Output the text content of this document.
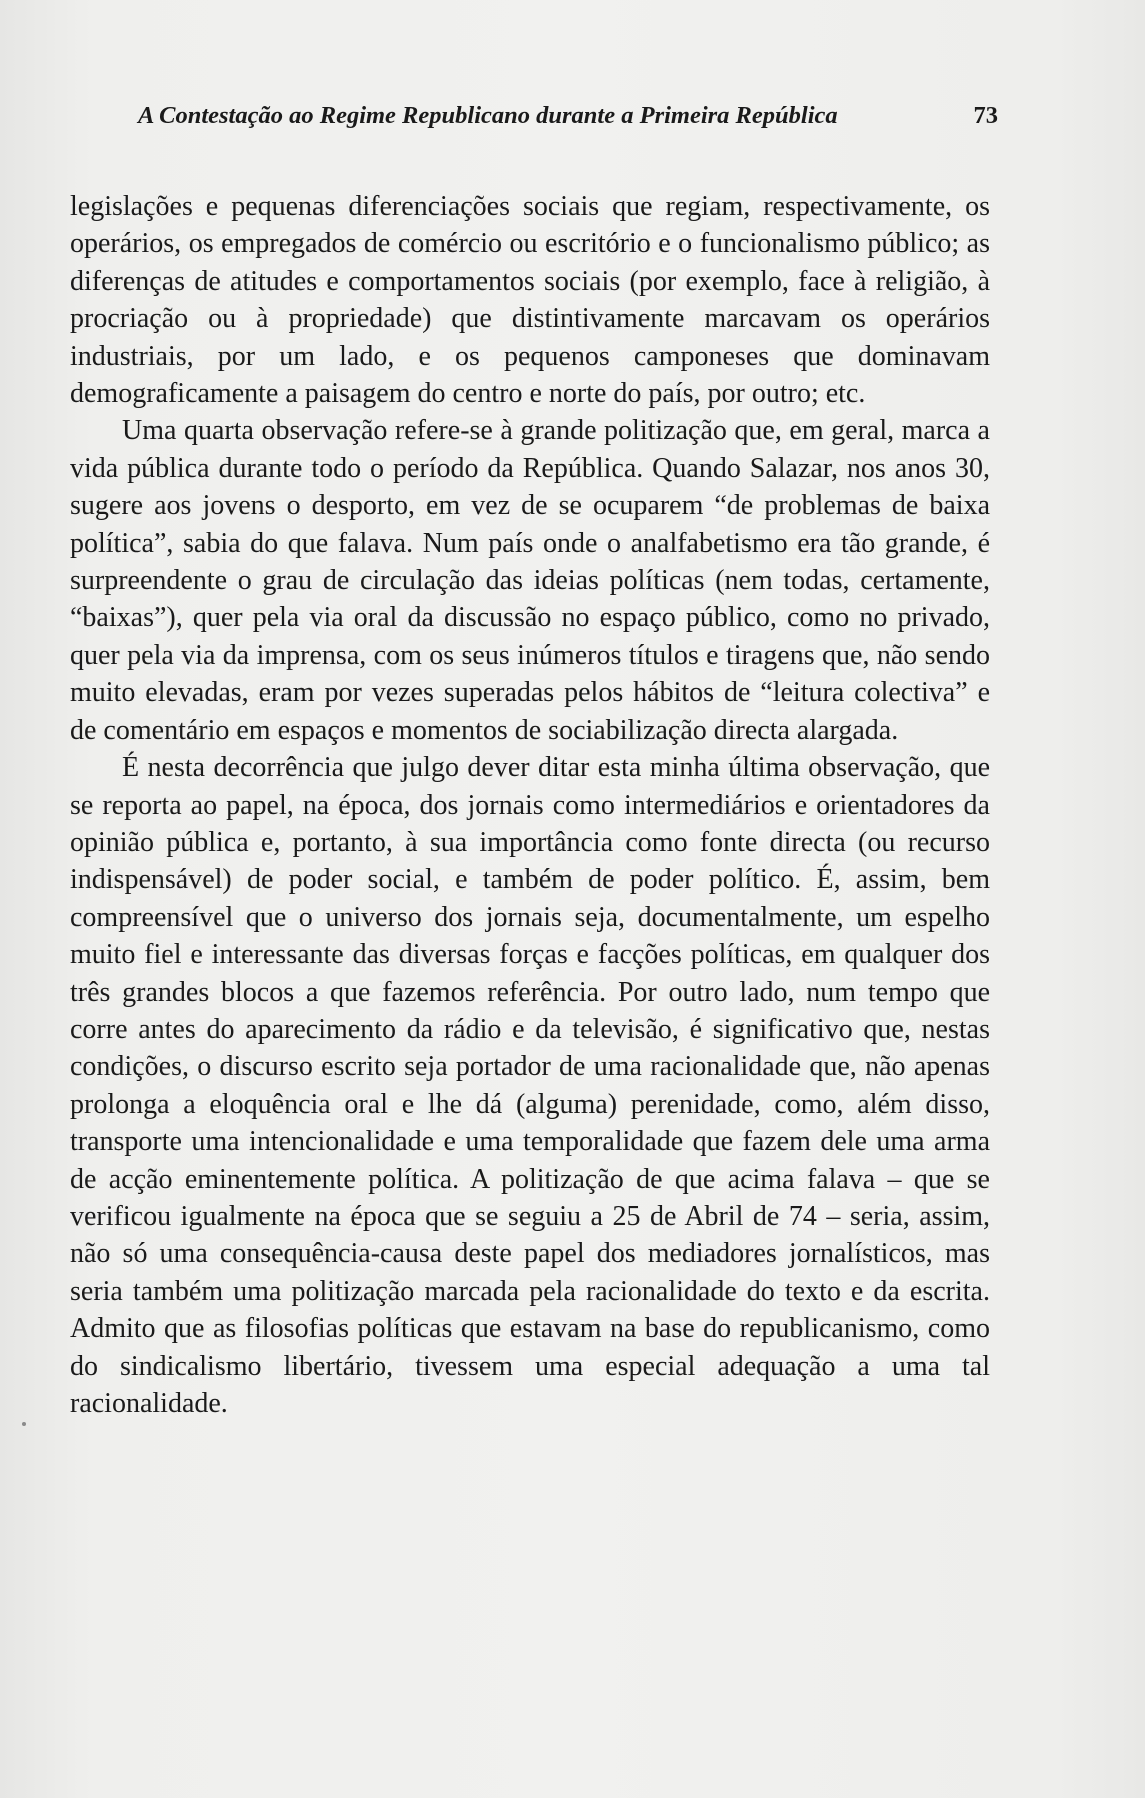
A Contestação ao Regime Republicano durante a Primeira República	73

legislações e pequenas diferenciações sociais que regiam, respectivamente, os operários, os empregados de comércio ou escritório e o funcionalismo público; as diferenças de atitudes e comportamentos sociais (por exemplo, face à religião, à procriação ou à propriedade) que distintivamente marcavam os operários industriais, por um lado, e os pequenos camponeses que dominavam demograficamente a paisagem do centro e norte do país, por outro; etc.

Uma quarta observação refere-se à grande politização que, em geral, marca a vida pública durante todo o período da República. Quando Salazar, nos anos 30, sugere aos jovens o desporto, em vez de se ocuparem “de problemas de baixa política”, sabia do que falava. Num país onde o analfabetismo era tão grande, é surpreendente o grau de circulação das ideias políticas (nem todas, certamente, “baixas”), quer pela via oral da discussão no espaço público, como no privado, quer pela via da imprensa, com os seus inúmeros títulos e tiragens que, não sendo muito elevadas, eram por vezes superadas pelos hábitos de “leitura colectiva” e de comentário em espaços e momentos de sociabilização directa alargada.

É nesta decorrência que julgo dever ditar esta minha última observação, que se reporta ao papel, na época, dos jornais como intermediários e orientadores da opinião pública e, portanto, à sua importância como fonte directa (ou recurso indispensável) de poder social, e também de poder político. É, assim, bem compreensível que o universo dos jornais seja, documentalmente, um espelho muito fiel e interessante das diversas forças e facções políticas, em qualquer dos três grandes blocos a que fazemos referência. Por outro lado, num tempo que corre antes do aparecimento da rádio e da televisão, é significativo que, nestas condições, o discurso escrito seja portador de uma racionalidade que, não apenas prolonga a eloquência oral e lhe dá (alguma) perenidade, como, além disso, transporte uma intencionalidade e uma temporalidade que fazem dele uma arma de acção eminentemente política. A politização de que acima falava – que se verificou igualmente na época que se seguiu a 25 de Abril de 74 – seria, assim, não só uma consequência-causa deste papel dos mediadores jornalísticos, mas seria também uma politização marcada pela racionalidade do texto e da escrita. Admito que as filosofias políticas que estavam na base do republicanismo, como do sindicalismo libertário, tivessem uma especial adequação a uma tal racionalidade.
